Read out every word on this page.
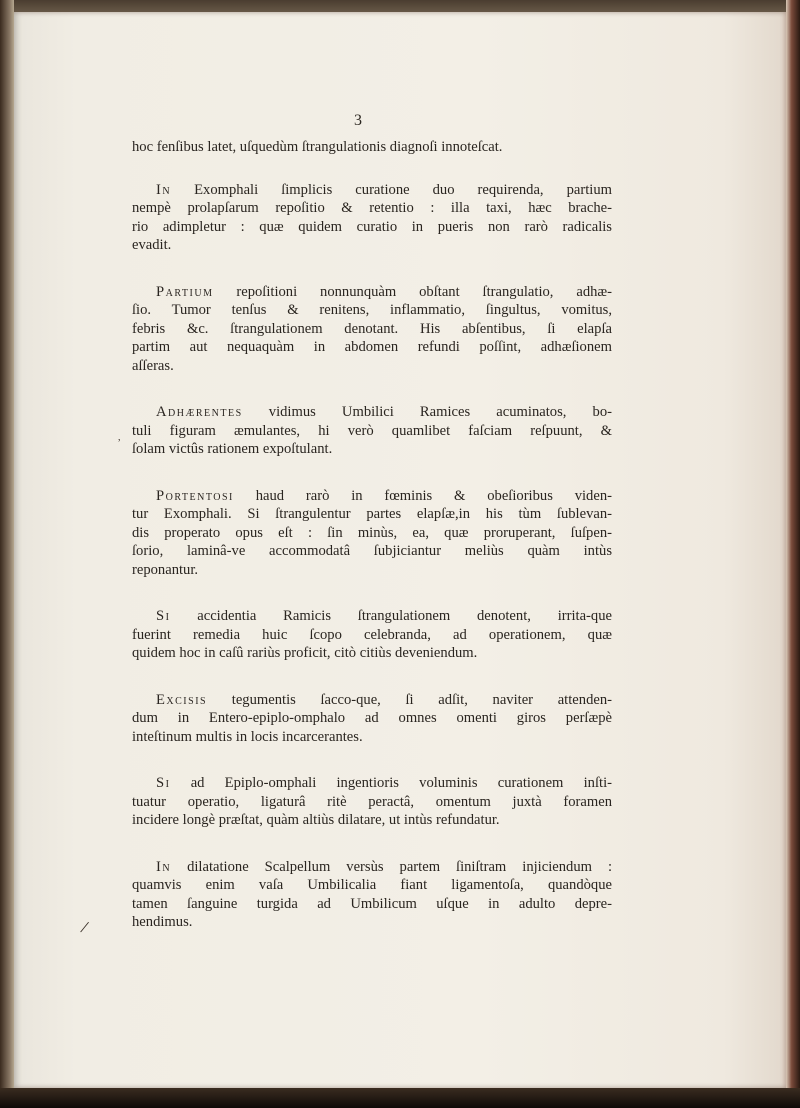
3
hoc fenſibus latet, uſquedùm ſtrangulationis diagnoſi innoteſcat.
In Exomphali ſimplicis curatione duo requirenda, partium
nempè prolapſarum repoſitio & retentio : illa taxi, hæc brache-
rio adimpletur : quæ quidem curatio in pueris non rarò radicalis
evadit.
Partium repoſitioni nonnunquàm obſtant ſtrangulatio, adhæ-
ſio. Tumor tenſus & renitens, inflammatio, ſingultus, vomitus,
febris &c. ſtrangulationem denotant. His abſentibus, ſi elapſa
partim aut nequaquàm in abdomen refundi poſſint, adhæſionem
aſſeras.
Adhærentes vidimus Umbilici Ramices acuminatos, bo-
tuli figuram æmulantes, hi verò quamlibet faſciam reſpuunt, &
ſolam victûs rationem expoſtulant.
Portentosi haud rarò in fœminis & obeſioribus viden-
tur Exomphali. Si ſtrangulentur partes elapſæ,in his tùm ſublevan-
dis properato opus eſt : ſin minùs, ea, quæ proruperant, ſuſpen-
ſorio, laminâ-ve accommodatâ ſubjiciantur meliùs quàm intùs
reponantur.
Si accidentia Ramicis ſtrangulationem denotent, irrita-que
fuerint remedia huic ſcopo celebranda, ad operationem, quæ
quidem hoc in caſû rariùs proficit, citò citiùs deveniendum.
Excisis tegumentis ſacco-que, ſi adſit, naviter attenden-
dum in Entero-epiplo-omphalo ad omnes omenti giros perſæpè
inteſtinum multis in locis incarcerantes.
Si ad Epiplo-omphali ingentioris voluminis curationem inſti-
tuatur operatio, ligaturâ ritè peractâ, omentum juxtà foramen
incidere longè præſtat, quàm altiùs dilatare, ut intùs refundatur.
In dilatatione Scalpellum versùs partem ſiniſtram injiciendum :
quamvis enim vaſa Umbilicalia fiant ligamentoſa, quandòque
tamen ſanguine turgida ad Umbilicum uſque in adulto depre-
hendimus.
/
,
